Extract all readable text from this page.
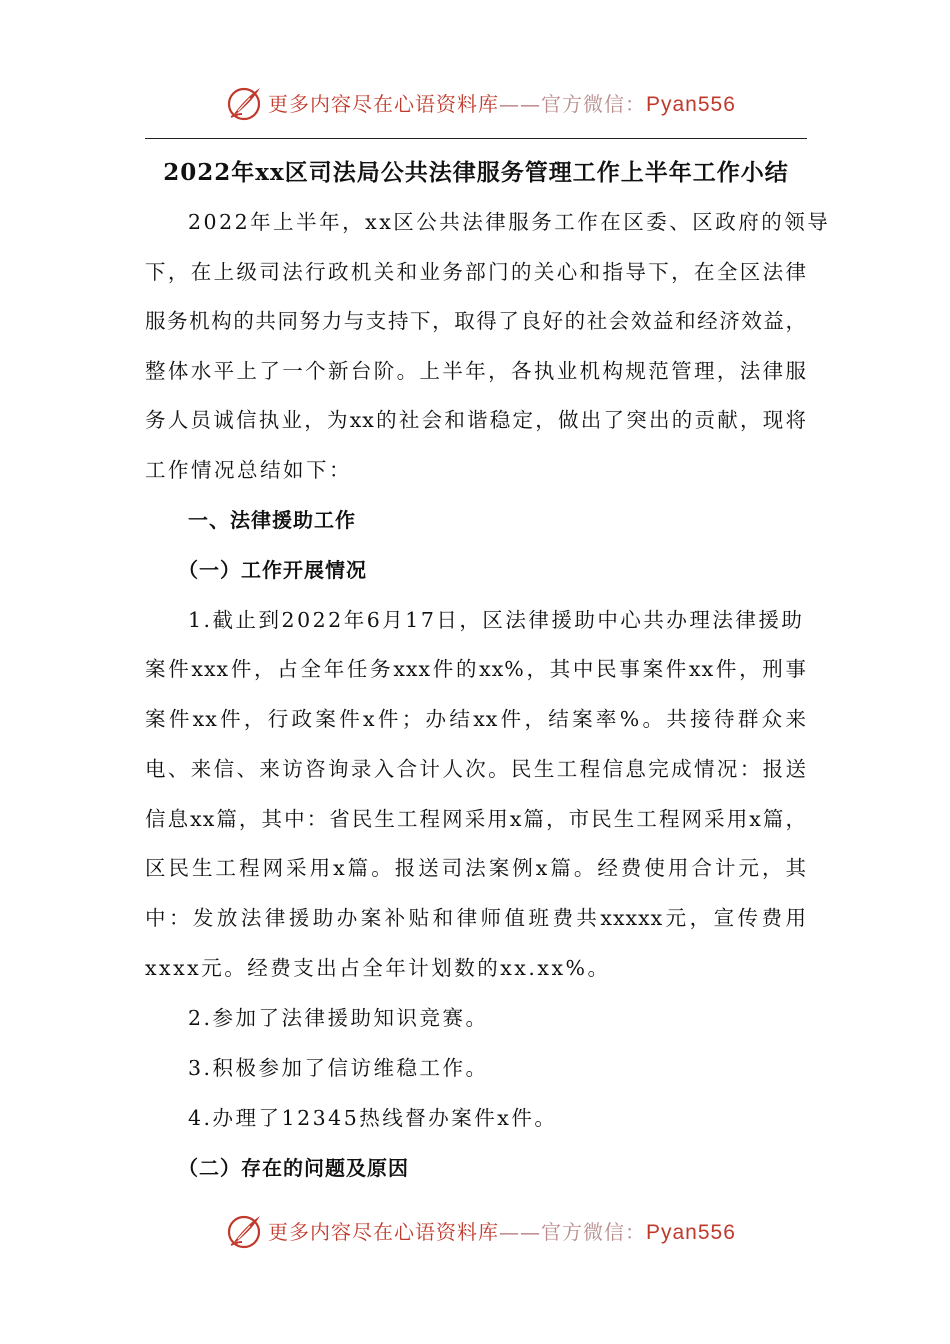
更多内容尽在心语资料库——官方微信：Pyan556
2022年xx区司法局公共法律服务管理工作上半年工作小结
2022年上半年，xx区公共法律服务工作在区委、区政府的领导
下，在上级司法行政机关和业务部门的关心和指导下，在全区法律
服务机构的共同努力与支持下，取得了良好的社会效益和经济效益，
整体水平上了一个新台阶。上半年，各执业机构规范管理，法律服
务人员诚信执业，为xx的社会和谐稳定，做出了突出的贡献，现将
工作情况总结如下：
一、法律援助工作
（一）工作开展情况
1.截止到2022年6月17日，区法律援助中心共办理法律援助
案件xxx件，占全年任务xxx件的xx%，其中民事案件xx件，刑事
案件xx件，行政案件x件；办结xx件，结案率%。共接待群众来
电、来信、来访咨询录入合计人次。民生工程信息完成情况：报送
信息xx篇，其中：省民生工程网采用x篇，市民生工程网采用x篇，
区民生工程网采用x篇。报送司法案例x篇。经费使用合计元，其
中：发放法律援助办案补贴和律师值班费共xxxxx元，宣传费用
xxxx元。经费支出占全年计划数的xx.xx%。
2.参加了法律援助知识竞赛。
3.积极参加了信访维稳工作。
4.办理了12345热线督办案件x件。
（二）存在的问题及原因
更多内容尽在心语资料库——官方微信：Pyan556
